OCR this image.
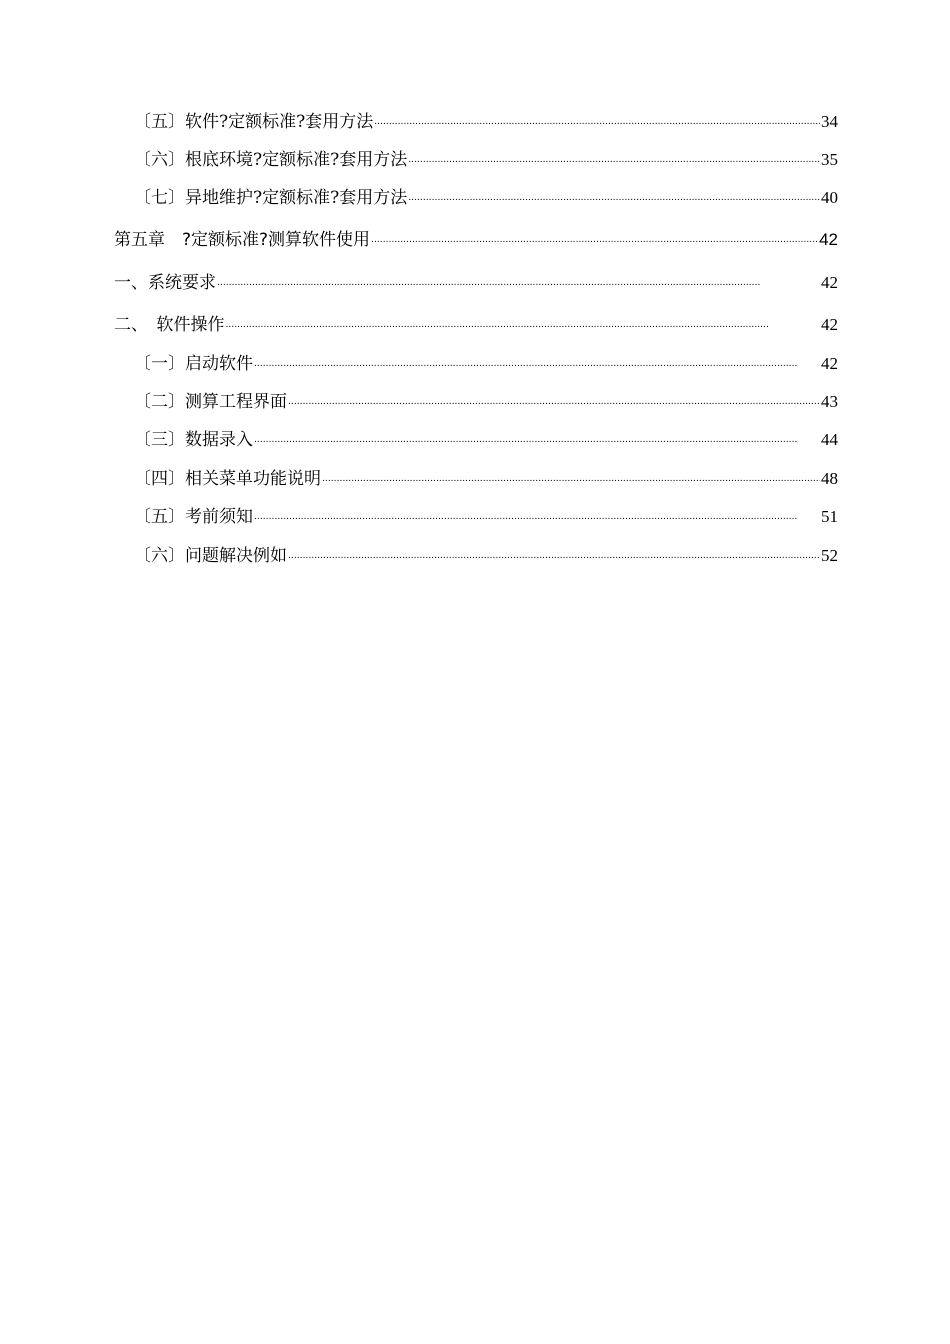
〔五〕软件?定额标准?套用方法 . . .	34
〔六〕根底环境?定额标准?套用方法 . . .	35
〔七〕异地维护?定额标准?套用方法 . . .	40
第五章　?定额标准?测算软件使用 . . .	42
一、系统要求 . . .	42
二、　软件操作 . . .	42
〔一〕启动软件 . . .	42
〔二〕测算工程界面 . . .	43
〔三〕数据录入 . . .	44
〔四〕相关菜单功能说明 . . .	48
〔五〕考前须知 . . .	51
〔六〕问题解决例如 . . .	52
